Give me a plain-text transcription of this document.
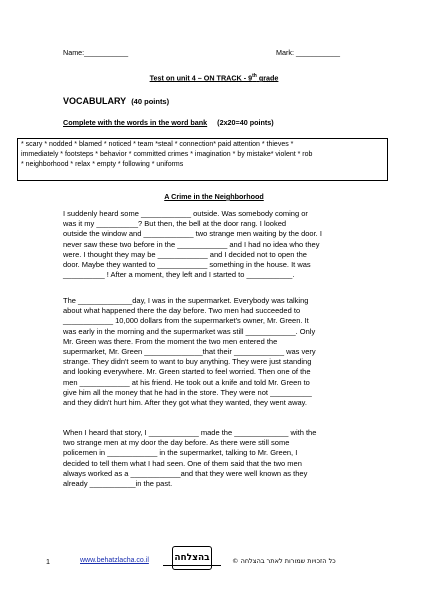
Name:___________	Mark: ___________
Test on unit 4 – ON TRACK - 9th grade
VOCABULARY (40 points)
Complete with the words in the word bank (2x20=40 points)

* scary * nodded * blamed * noticed * team *steal * connection* paid attention * thieves *

immediately * footsteps * behavior * committed crimes * imagination * by mistake* violent * rob

* neighborhood * relax * empty * following * uniforms

A Crime in the Neighborhood

I suddenly heard some ____________ outside. Was somebody coming or

was it my __________? But then, the bell at the door rang. I looked

outside the window and ____________ two strange men waiting by the door. I

never saw these two before in the ____________ and I had no idea who they

were. I thought they may be ____________ and I decided not to open the

door. Maybe they wanted to ____________ something in the house. It was

__________ ! After a moment, they left and I started to ___________.

The _____________day, I was in the supermarket. Everybody was talking

about what happened there the day before. Two men had succeeded to

____________ 10,000 dollars from the supermarket's owner, Mr. Green. It

was early in the morning and the supermarket was still ____________. Only

Mr. Green was there. From the moment the two men entered the

supermarket, Mr. Green ______________that their ____________ was very

strange. They didn't seem to want to buy anything. They were just standing

and looking everywhere. Mr. Green started to feel worried. Then one of the

men ____________ at his friend. He took out a knife and told Mr. Green to

give him all the money that he had in the store. They were not __________

and they didn't hurt him. After they got what they wanted, they went away.

When I heard that story, I ____________ made the _____________ with the

two strange men at my door the day before. As there were still some

policemen in ____________ in the supermarket, talking to Mr. Green, I

decided to tell them what I had seen. One of them said that the two men

always worked as a ____________and that they were well known as they

already ___________in the past.

בהצלחה
1	www.behatzlacha.co.il	כל הזכויות שמורות לאתר בהצלחה ©
